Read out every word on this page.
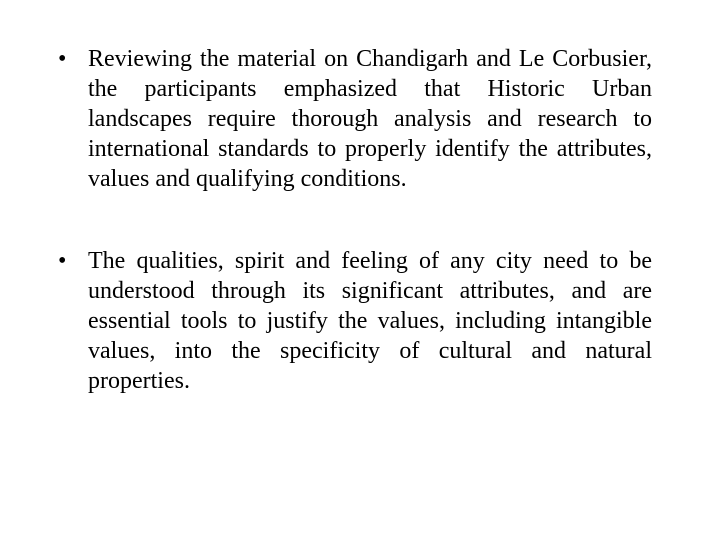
• Reviewing the material on Chandigarh and Le Corbusier, the participants emphasized that Historic Urban landscapes require thorough analysis and research to international standards to properly identify the attributes, values and qualifying conditions.
• The qualities, spirit and feeling of any city need to be understood through its significant attributes, and are essential tools to justify the values, including intangible values, into the specificity of cultural and natural properties.
